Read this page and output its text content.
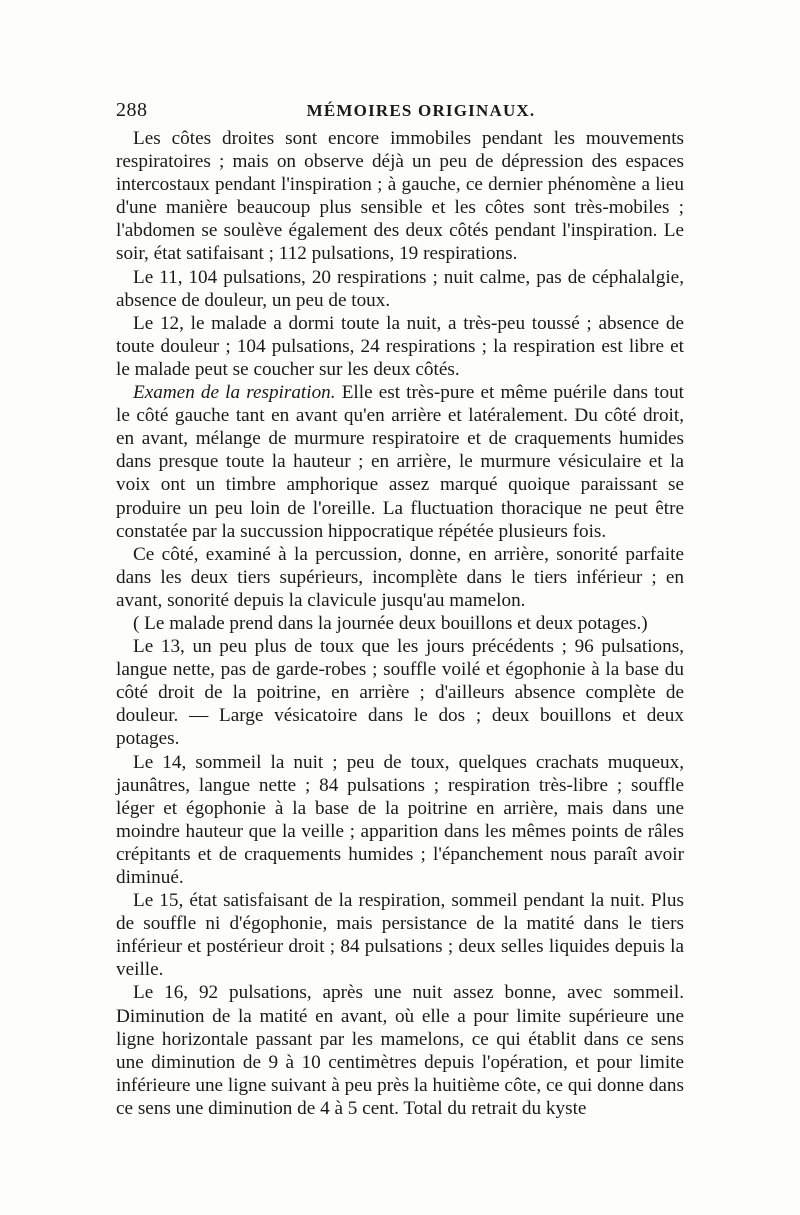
288	MÉMOIRES ORIGINAUX.

Les côtes droites sont encore immobiles pendant les mouvements respiratoires ; mais on observe déjà un peu de dépression des espaces intercostaux pendant l'inspiration ; à gauche, ce dernier phénomène a lieu d'une manière beaucoup plus sensible et les côtes sont très-mobiles ; l'abdomen se soulève également des deux côtés pendant l'inspiration. Le soir, état satifaisant ; 112 pulsations, 19 respirations.

Le 11, 104 pulsations, 20 respirations ; nuit calme, pas de céphalalgie, absence de douleur, un peu de toux.

Le 12, le malade a dormi toute la nuit, a très-peu toussé ; absence de toute douleur ; 104 pulsations, 24 respirations ; la respiration est libre et le malade peut se coucher sur les deux côtés.

Examen de la respiration. Elle est très-pure et même puérile dans tout le côté gauche tant en avant qu'en arrière et latéralement. Du côté droit, en avant, mélange de murmure respiratoire et de craquements humides dans presque toute la hauteur ; en arrière, le murmure vésiculaire et la voix ont un timbre amphorique assez marqué quoique paraissant se produire un peu loin de l'oreille. La fluctuation thoracique ne peut être constatée par la succussion hippocratique répétée plusieurs fois.

Ce côté, examiné à la percussion, donne, en arrière, sonorité parfaite dans les deux tiers supérieurs, incomplète dans le tiers inférieur ; en avant, sonorité depuis la clavicule jusqu'au mamelon.

( Le malade prend dans la journée deux bouillons et deux potages.)

Le 13, un peu plus de toux que les jours précédents ; 96 pulsations, langue nette, pas de garde-robes ; souffle voilé et égophonie à la base du côté droit de la poitrine, en arrière ; d'ailleurs absence complète de douleur. — Large vésicatoire dans le dos ; deux bouillons et deux potages.

Le 14, sommeil la nuit ; peu de toux, quelques crachats muqueux, jaunâtres, langue nette ; 84 pulsations ; respiration très-libre ; souffle léger et égophonie à la base de la poitrine en arrière, mais dans une moindre hauteur que la veille ; apparition dans les mêmes points de râles crépitants et de craquements humides ; l'épanchement nous paraît avoir diminué.

Le 15, état satisfaisant de la respiration, sommeil pendant la nuit. Plus de souffle ni d'égophonie, mais persistance de la matité dans le tiers inférieur et postérieur droit ; 84 pulsations ; deux selles liquides depuis la veille.

Le 16, 92 pulsations, après une nuit assez bonne, avec sommeil. Diminution de la matité en avant, où elle a pour limite supérieure une ligne horizontale passant par les mamelons, ce qui établit dans ce sens une diminution de 9 à 10 centimètres depuis l'opération, et pour limite inférieure une ligne suivant à peu près la huitième côte, ce qui donne dans ce sens une diminution de 4 à 5 cent. Total du retrait du kyste
